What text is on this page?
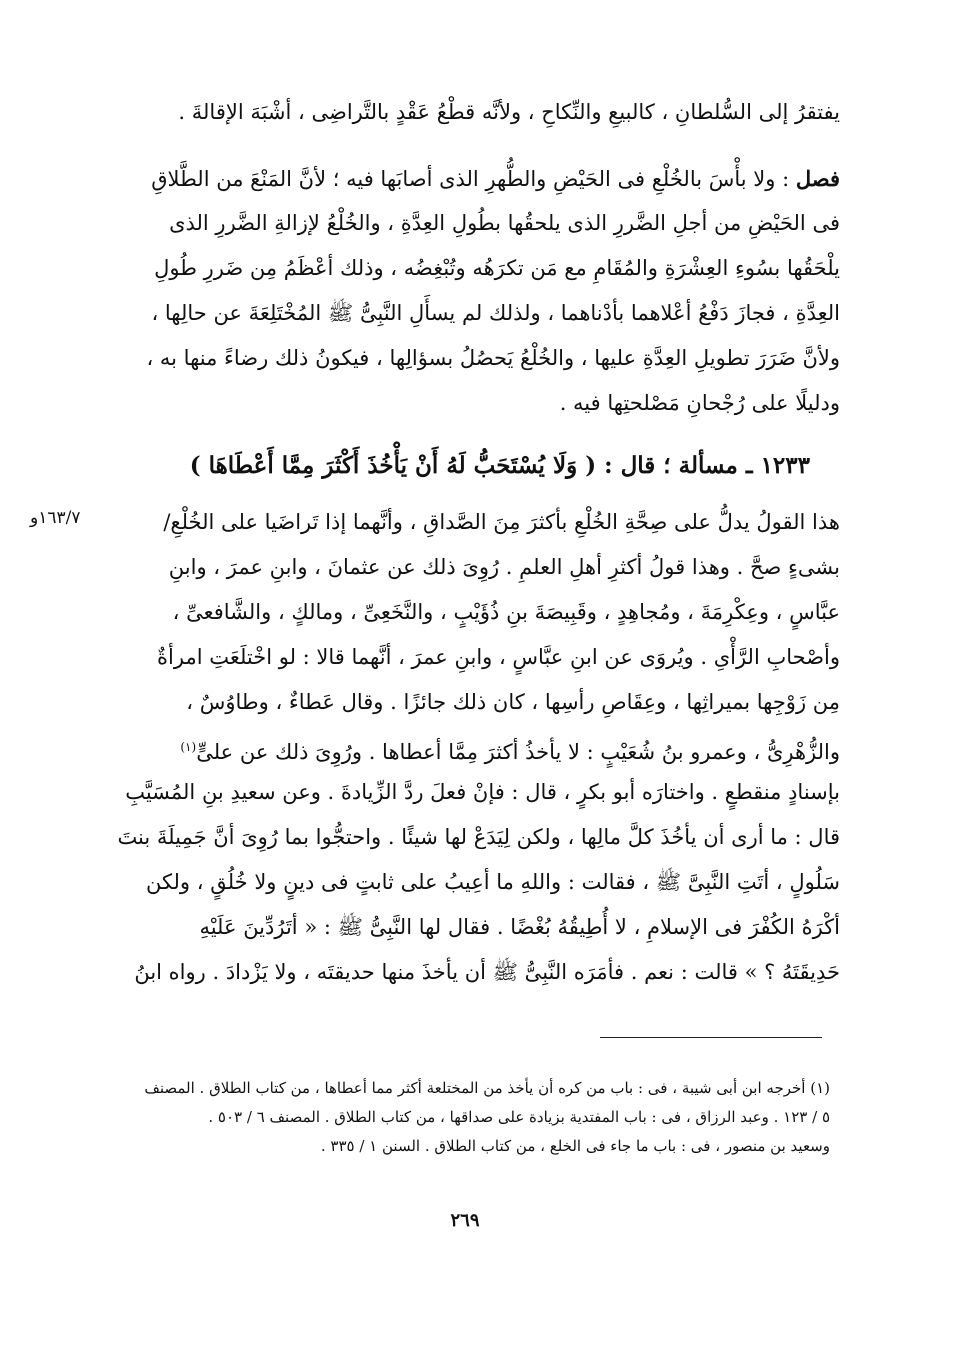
يفتقرُ إلى السُّلطانِ ، كالبيعِ والنِّكاحِ ، ولأنَّه قطْعُ عَقْدٍ بالتَّراضِى ، أشْبَهَ الإقالةَ .
فصل : ولا بأْسَ بالخُلْعِ فى الحَيْضِ والطُّهرِ الذى أصابَها فيه ؛ لأنَّ المَنْعَ من الطَّلاقِ
فى الحَيْضِ من أجلِ الضَّررِ الذى يلحقُها بطُولِ العِدَّةِ ، والخُلْعُ لإزالةِ الضَّررِ الذى
يلْحَقُها بسُوءِ العِشْرَةِ والمُقَامِ مع مَن تكرَهُه وتُبْغِضُه ، وذلك أعْظَمُ مِن ضَررِ طُولِ
العِدَّةِ ، فجازَ دَفْعُ أعْلاهما بأدْناهما ، ولذلك لم يسأَلِ النَّبِىُّ ﷺ المُخْتَلِعَةَ عن حالِها ،
ولأنَّ ضَرَرَ تطويلِ العِدَّةِ عليها ، والخُلْعُ يَحصُلُ بسؤالِها ، فيكونُ ذلك رضاءً منها به ،
ودليلًا على رُجْحانِ مَصْلحتِها فيه .
١٢٣٣ ـ مسألة ؛ قال : ( وَلَا يُسْتَحَبُّ لَهُ أَنْ يَأْخُذَ أَكْثَرَ مِمَّا أَعْطَاهَا )
١٦٣/٧و	هذا القولُ يدلُّ على صِحَّةِ الخُلْعِ بأكثرَ مِنَ الصَّداقِ ، وأنَّهما إذا تَراضَيا على الخُلْعِ/
بشىءٍ صحَّ . وهذا قولُ أكثرِ أهلِ العلمِ . رُوِىَ ذلك عن عثمانَ ، وابنِ عمرَ ، وابنِ
عبَّاسٍ ، وعِكْرِمَةَ ، ومُجاهِدٍ ، وقَبِيصَةَ بنِ ذُؤَيْبٍ ، والنَّخَعِىِّ ، ومالكٍ ، والشَّافعىِّ ،
وأصْحابِ الرَّأْىِ . ويُروَى عن ابنِ عبَّاسٍ ، وابنِ عمرَ ، أنَّهما قالا : لو اخْتلَعَتِ امرأةٌ
مِن زَوْجِها بميراثِها ، وعِقَاصِ رأسِها ، كان ذلك جائزًا . وقال عَطاءٌ ، وطاوُسٌ ،
والزُّهْرِىُّ ، وعمرو بنُ شُعَيْبٍ : لا يأخذُ أكثرَ مِمَّا أعطاها . ورُوِىَ ذلك عن علىٍّ$^{(١)}$
بإسنادٍ منقطعٍ . واختارَه أبو بكرٍ ، قال : فإنْ فعلَ ردَّ الزِّيادةَ . وعن سعيدِ بنِ المُسَيَّبِ
قال : ما أرى أن يأخُذَ كلَّ مالِها ، ولكن لِيَدَعْ لها شيئًا . واحتجُّوا بما رُوِىَ أنَّ جَمِيلَةَ بنتَ
سَلُولٍ ، أتَتِ النَّبِىَّ ﷺ ، فقالت : واللهِ ما أعِيبُ على ثابتٍ فى دينٍ ولا خُلُقٍ ، ولكن
أكْرَهُ الكُفْرَ فى الإسلامِ ، لا أُطِيقُهُ بُغْضًا . فقال لها النَّبِىُّ ﷺ : « أتَرُدِّينَ عَلَيْهِ
حَدِيقَتَهُ ؟ » قالت : نعم . فأمَرَه النَّبِىُّ ﷺ أن يأخذَ منها حديقتَه ، ولا يَزْدادَ . رواه ابنُ
(١) أخرجه ابن أبى شيبة ، فى : باب من كره أن يأخذ من المختلعة أكثر مما أعطاها ، من كتاب الطلاق . المصنف
٥ / ١٢٣ . وعبد الرزاق ، فى : باب المفتدية بزيادة على صداقها ، من كتاب الطلاق . المصنف ٦ / ٥٠٣ .
وسعيد بن منصور ، فى : باب ما جاء فى الخلع ، من كتاب الطلاق . السنن ١ / ٣٣٥ .
٢٦٩
